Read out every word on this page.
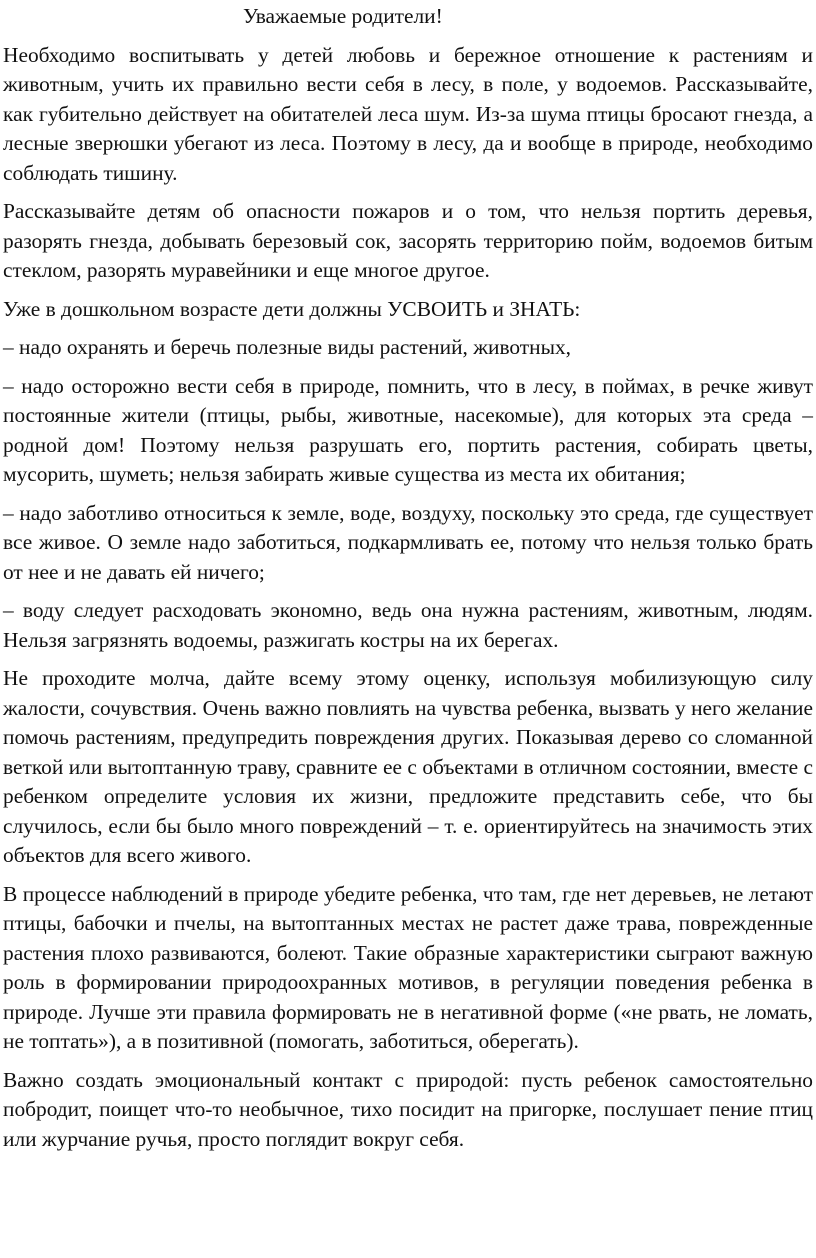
Уважаемые родители!

Необходимо воспитывать у детей любовь и бережное отношение к растениям и животным, учить их правильно вести себя в лесу, в поле, у водоемов. Рассказывайте, как губительно действует на обитателей леса шум. Из-за шума птицы бросают гнезда, а лесные зверюшки убегают из леса. Поэтому в лесу, да и вообще в природе, необходимо соблюдать тишину.

Рассказывайте детям об опасности пожаров и о том, что нельзя портить деревья, разорять гнезда, добывать березовый сок, засорять территорию пойм, водоемов битым стеклом, разорять муравейники и еще многое другое.

Уже в дошкольном возрасте дети должны УСВОИТЬ и ЗНАТЬ:

– надо охранять и беречь полезные виды растений, животных,

– надо осторожно вести себя в природе, помнить, что в лесу, в поймах, в речке живут постоянные жители (птицы, рыбы, животные, насекомые), для которых эта среда – родной дом! Поэтому нельзя разрушать его, портить растения, собирать цветы, мусорить, шуметь; нельзя забирать живые существа из места их обитания;

– надо заботливо относиться к земле, воде, воздуху, поскольку это среда, где существует все живое. О земле надо заботиться, подкармливать ее, потому что нельзя только брать от нее и не давать ей ничего;

– воду следует расходовать экономно, ведь она нужна растениям, животным, людям. Нельзя загрязнять водоемы, разжигать костры на их берегах.

Не проходите молча, дайте всему этому оценку, используя мобилизующую силу жалости, сочувствия. Очень важно повлиять на чувства ребенка, вызвать у него желание помочь растениям, предупредить повреждения других. Показывая дерево со сломанной веткой или вытоптанную траву, сравните ее с объектами в отличном состоянии, вместе с ребенком определите условия их жизни, предложите представить себе, что бы случилось, если бы было много повреждений – т. е. ориентируйтесь на значимость этих объектов для всего живого.

В процессе наблюдений в природе убедите ребенка, что там, где нет деревьев, не летают птицы, бабочки и пчелы, на вытоптанных местах не растет даже трава, поврежденные растения плохо развиваются, болеют. Такие образные характеристики сыграют важную роль в формировании природоохранных мотивов, в регуляции поведения ребенка в природе. Лучше эти правила формировать не в негативной форме («не рвать, не ломать, не топтать»), а в позитивной (помогать, заботиться, оберегать).

Важно создать эмоциональный контакт с природой: пусть ребенок самостоятельно побродит, поищет что-то необычное, тихо посидит на пригорке, послушает пение птиц или журчание ручья, просто поглядит вокруг себя.
